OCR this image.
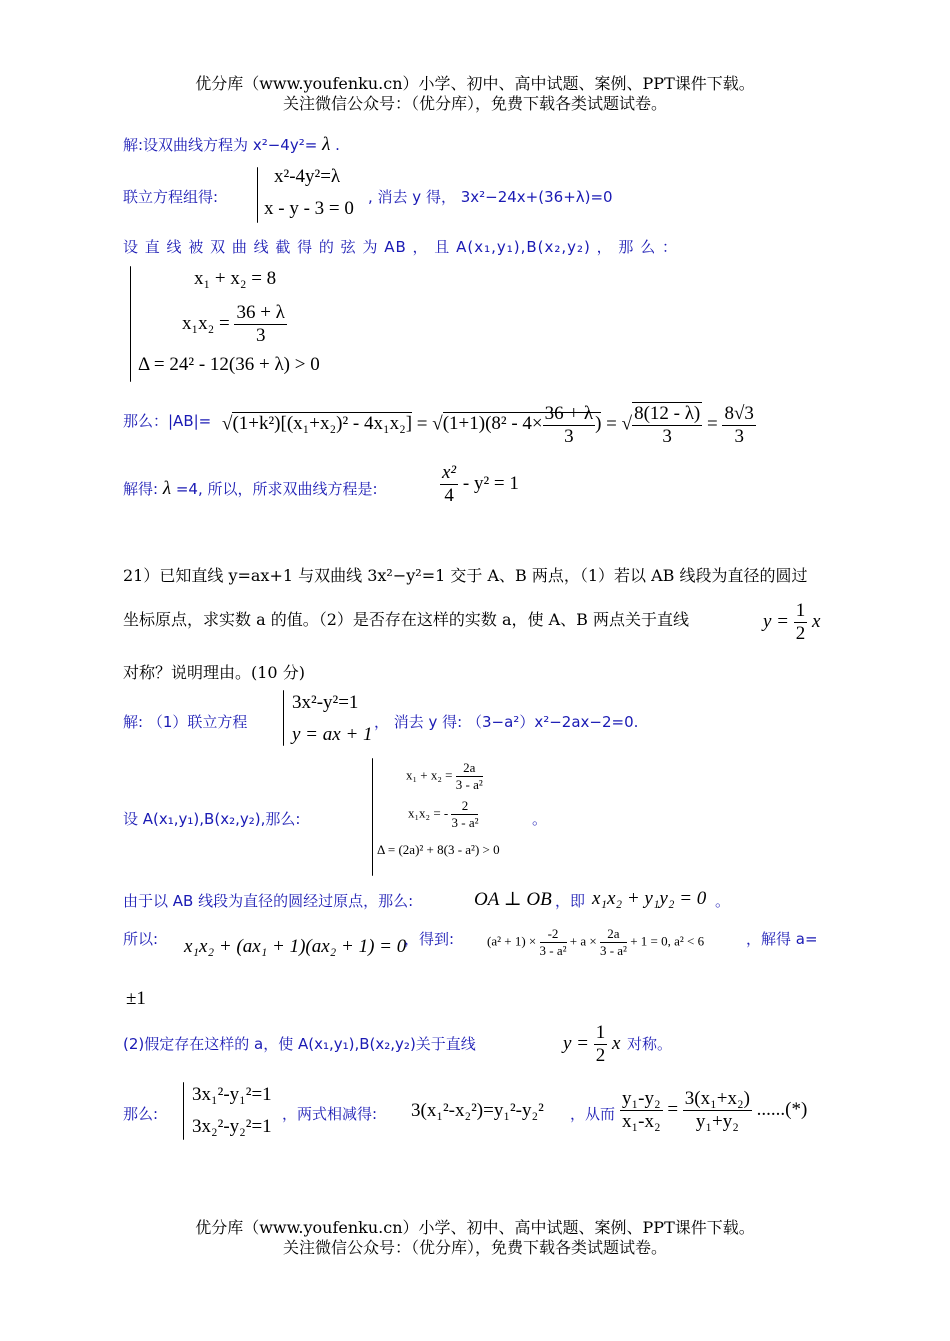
优分库（www.youfenku.cn）小学、初中、高中试题、案例、PPT课件下载。
关注微信公众号：（优分库），免费下载各类试题试卷。
解:设双曲线方程为 x²−4y²= λ .
联立方程组得:
x²-4y²=λ
x - y - 3 = 0
, 消去 y 得， 3x²−24x+(36+λ)=0
设 直 线 被 双 曲 线 截 得 的 弦 为 AB ， 且 A(x₁,y₁),B(x₂,y₂) ， 那 么 ：
x₁ + x₂ = 8
$x_1x_2 = \frac{36 + \lambda}{3}$
Δ = 24² - 12(36 + λ) > 0
那么：$|AB|= √(1+k^2)[(x_1+x_2)^2 - 4x_1x_2] = √(1+1)(8^2 - 4\times \frac{36 + \lambda}{3}$ ) = √ $\frac{8(12 - \lambda)}{3} = \frac{8√3}{3}$
解得: λ =4, 所以，所求双曲线方程是:	$\frac{\text{x²}}{4} - y^2 = 1$
21）已知直线 y=ax+1 与双曲线 3x²−y²=1 交于 A、B 两点，（1）若以 AB 线段为直径的圆过
坐标原点，求实数 a 的值。（2）是否存在这样的实数 a，使 A、B 两点关于直线	$y = \frac{1}{2}$ x
对称？说明理由。(10 分)
解: （1）联立方程
3x²-y²=1
y = ax + 1
， 消去 y 得: （3−a²）x²−2ax−2=0.
设 A(x₁,y₁),B(x₂,y₂),那么:
$x_1 + x_2 = \frac{2a}{\text{3 - a²}}$
x₁x₂ = - $\frac{2}{\text{3 - a²}}$
Δ = (2a)² + 8(3 - a²) > 0
。
由于以 AB 线段为直径的圆经过原点，那么:	OA ⊥ OB ，即 x₁x₂ + y₁y₂ = 0 。
所以: x₁x₂ + (ax₁ + 1)(ax₂ + 1) = 0
，得到:	$(a^2 + 1) \times \frac{-2}{\text{3 - a²}} + a \times \frac{2a}{\text{3 - a²}} + 1 = 0$, a² < 6	，解得 a=
±1
(2)假定存在这样的 a，使 A(x₁,y₁),B(x₂,y₂)关于直线	$y = \frac{1}{2}$ x 对称。
那么:
3x₁²-y₁²=1
3x₂²-y₂²=1
，两式相减得: 3(x₁²-x₂²)=y₁²-y₂² ，从而 $\frac{\text{y₁-y₂}}{\text{x₁-x₂}} = \frac{\text{3(x₁+x₂)}}{\text{y₁+y₂}}$ ......(*)
优分库（www.youfenku.cn）小学、初中、高中试题、案例、PPT课件下载。
关注微信公众号：（优分库），免费下载各类试题试卷。
